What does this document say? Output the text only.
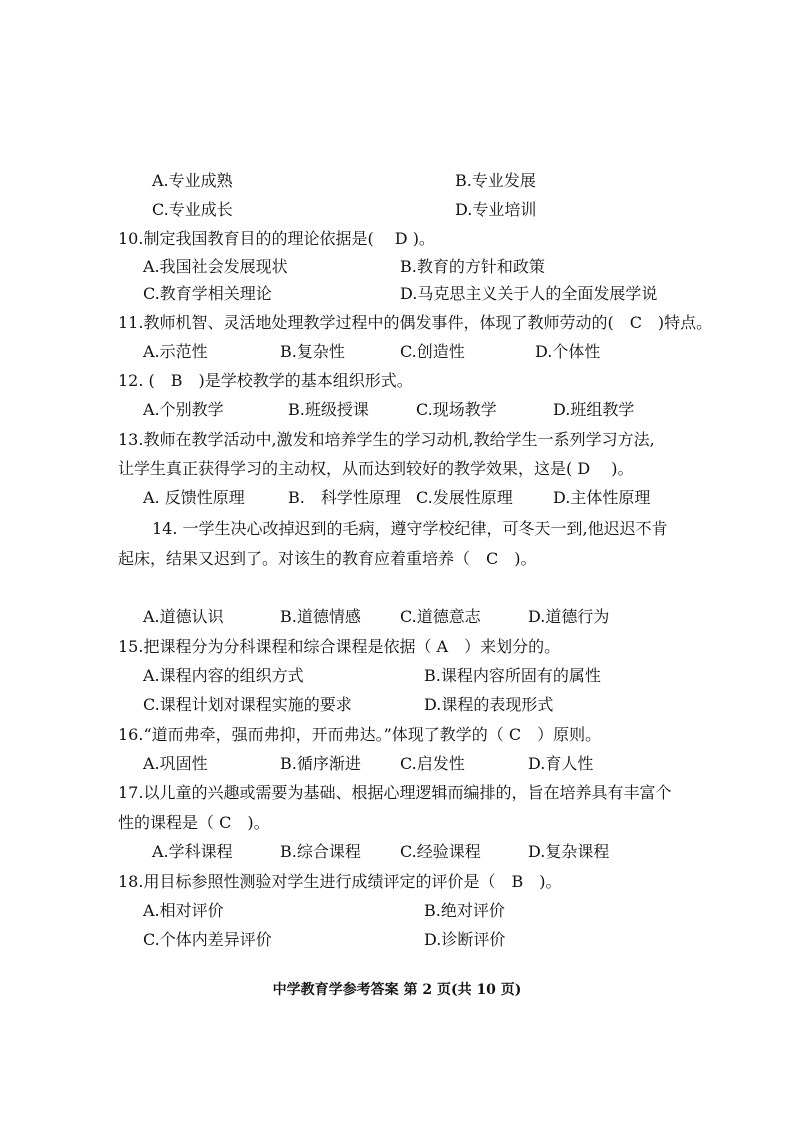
A.专业成熟	B.专业发展
C.专业成长	D.专业培训
10.制定我国教育目的的理论依据是(　 D )。
A.我国社会发展现状	B.教育的方针和政策
C.教育学相关理论	D.马克思主义关于人的全面发展学说
11.教师机智、灵活地处理教学过程中的偶发事件，体现了教师劳动的(　C　)特点。
A.示范性	B.复杂性	C.创造性	D.个体性
12. (　B　)是学校教学的基本组织形式。
A.个别教学	B.班级授课	C.现场教学	D.班组教学
13.教师在教学活动中,激发和培养学生的学习动机,教给学生一系列学习方法,
让学生真正获得学习的主动权，从而达到较好的教学效果，这是( D 　)。
A. 反馈性原理	B.　科学性原理 C.发展性原理	D.主体性原理
14. 一学生决心改掉迟到的毛病，遵守学校纪律，可冬天一到,他迟迟不肯
起床，结果又迟到了。对该生的教育应着重培养（　C　)。
A.道德认识	B.道德情感 C.道德意志	D.道德行为
15.把课程分为分科课程和综合课程是依据（ A　）来划分的。
A.课程内容的组织方式	B.课程内容所固有的属性
C.课程计划对课程实施的要求	D.课程的表现形式
16.“道而弗牵，强而弗抑，开而弗达。”体现了教学的（ C　）原则。
A.巩固性	B.循序渐进 C.启发性	D.育人性
17.以儿童的兴趣或需要为基础、根据心理逻辑而编排的，旨在培养具有丰富个
性的课程是（ C　)。
A.学科课程	B.综合课程 C.经验课程	D.复杂课程
18.用目标参照性测验对学生进行成绩评定的评价是（　B　)。
A.相对评价	B.绝对评价
C.个体内差异评价	D.诊断评价
中学教育学参考答案 第 2 页(共 10 页)
